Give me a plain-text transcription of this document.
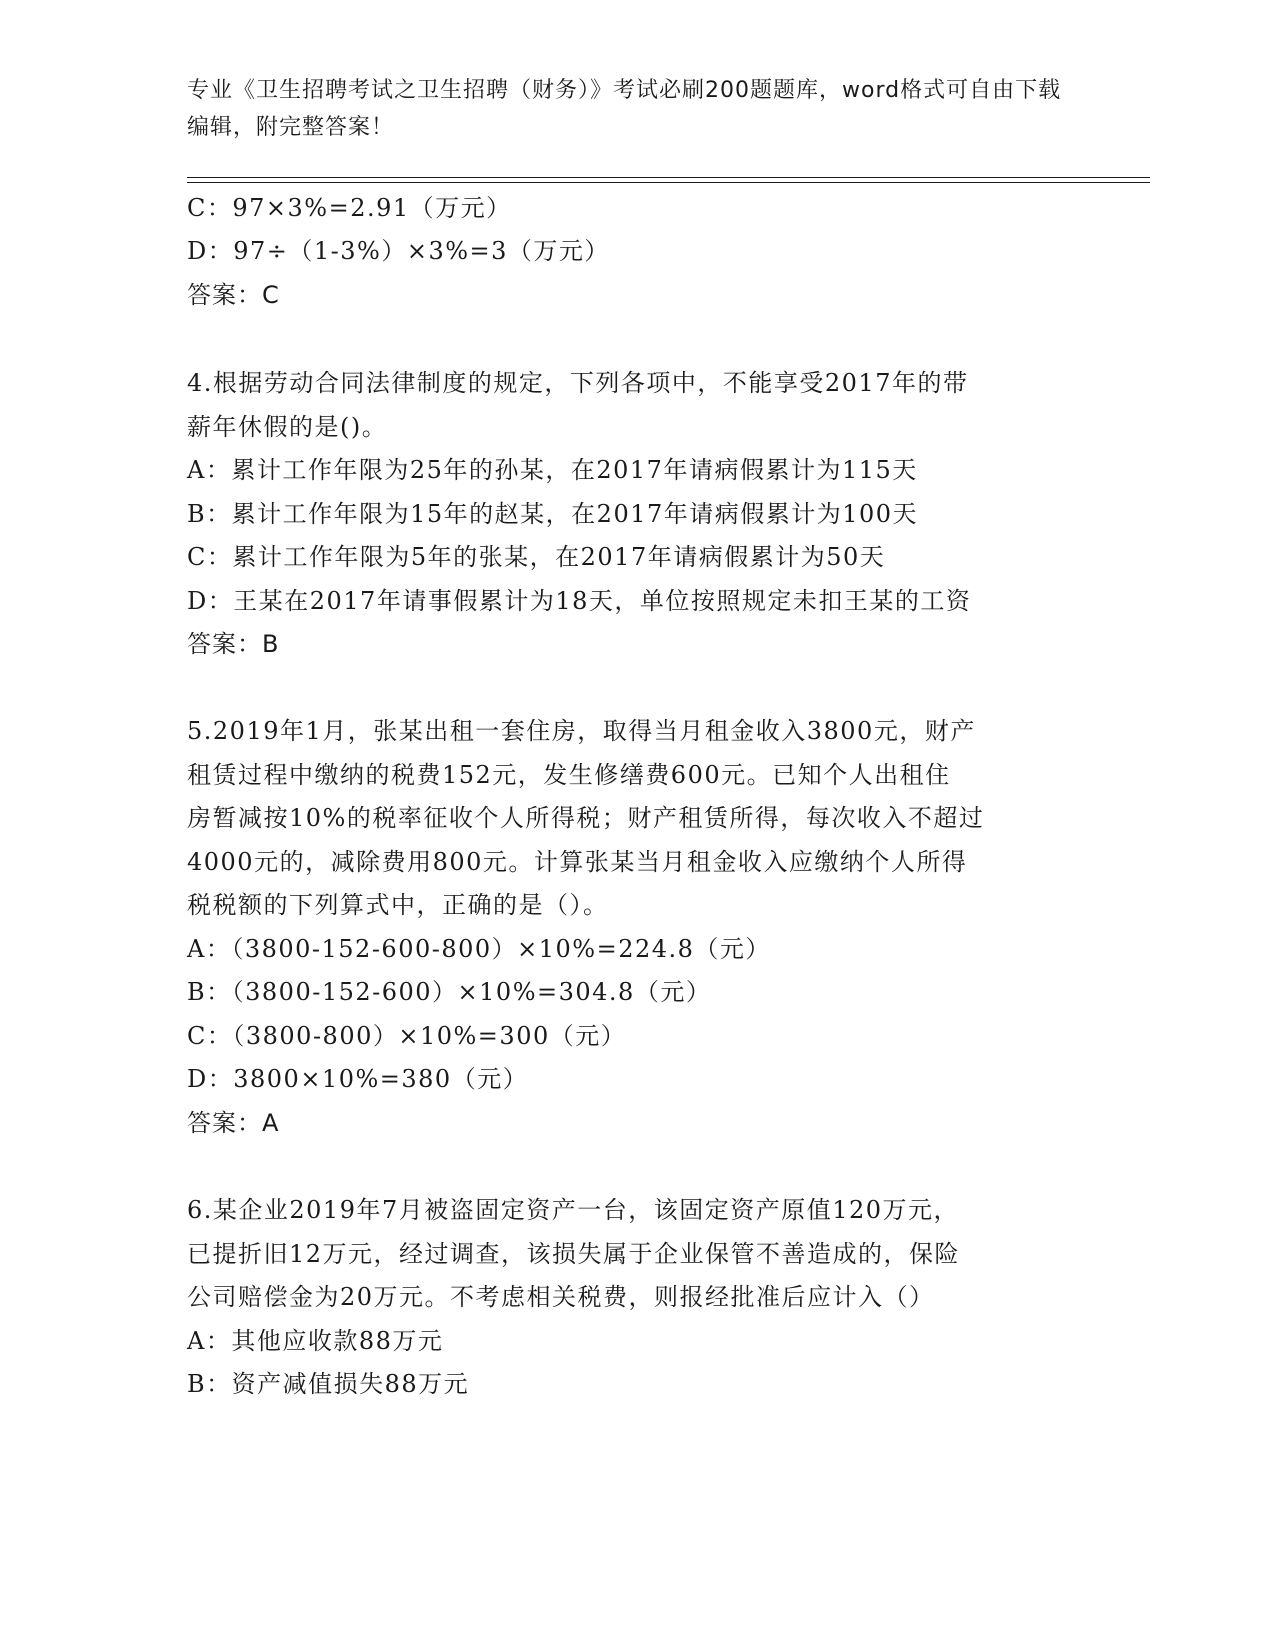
专业《卫生招聘考试之卫生招聘（财务）》考试必刷200题题库，word格式可自由下载编辑，附完整答案！
C：97×3%=2.91（万元）
D：97÷（1-3%）×3%=3（万元）
答案：C
4.根据劳动合同法律制度的规定，下列各项中，不能享受2017年的带
薪年休假的是()。
A：累计工作年限为25年的孙某，在2017年请病假累计为115天
B：累计工作年限为15年的赵某，在2017年请病假累计为100天
C：累计工作年限为5年的张某，在2017年请病假累计为50天
D：王某在2017年请事假累计为18天，单位按照规定未扣王某的工资
答案：B
5.2019年1月，张某出租一套住房，取得当月租金收入3800元，财产
租赁过程中缴纳的税费152元，发生修缮费600元。已知个人出租住
房暂减按10%的税率征收个人所得税；财产租赁所得，每次收入不超过
4000元的，减除费用800元。计算张某当月租金收入应缴纳个人所得
税税额的下列算式中，正确的是（）。
A：（3800-152-600-800）×10%=224.8（元）
B：（3800-152-600）×10%=304.8（元）
C：（3800-800）×10%=300（元）
D：3800×10%=380（元）
答案：A
6.某企业2019年7月被盗固定资产一台，该固定资产原值120万元，
已提折旧12万元，经过调查，该损失属于企业保管不善造成的，保险
公司赔偿金为20万元。不考虑相关税费，则报经批准后应计入（）
A：其他应收款88万元
B：资产减值损失88万元
